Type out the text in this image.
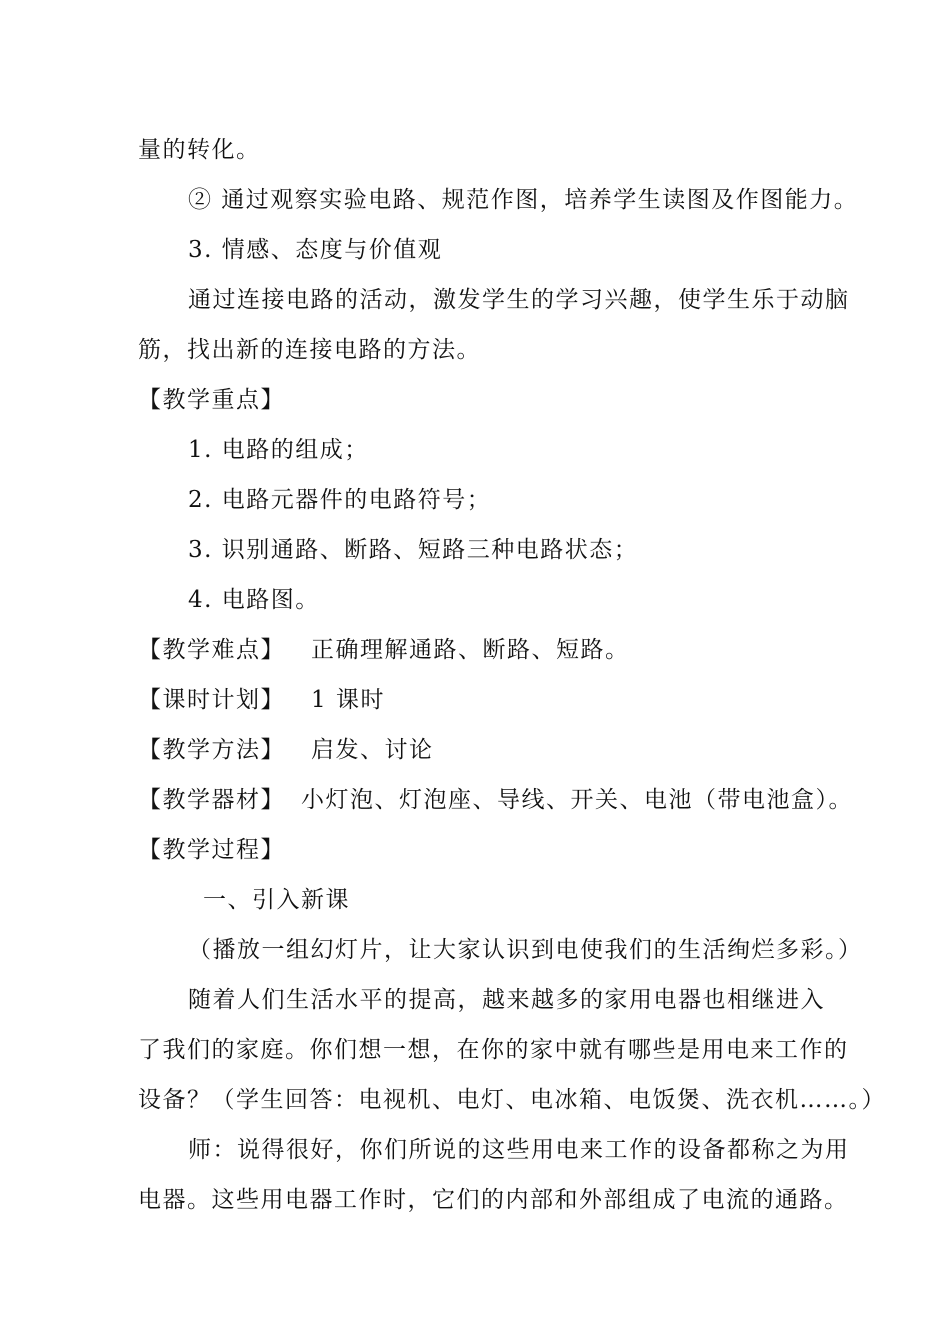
量的转化。
② 通过观察实验电路、规范作图，培养学生读图及作图能力。
3. 情感、态度与价值观
通过连接电路的活动，激发学生的学习兴趣，使学生乐于动脑
筋，找出新的连接电路的方法。
【教学重点】
1. 电路的组成；
2. 电路元器件的电路符号；
3. 识别通路、断路、短路三种电路状态；
4. 电路图。
【教学难点】 正确理解通路、断路、短路。
【课时计划】 1 课时
【教学方法】 启发、讨论
【教学器材】 小灯泡、灯泡座、导线、开关、电池（带电池盒）。
【教学过程】
一、引入新课
（播放一组幻灯片，让大家认识到电使我们的生活绚烂多彩。）
随着人们生活水平的提高，越来越多的家用电器也相继进入
了我们的家庭。你们想一想，在你的家中就有哪些是用电来工作的
设备？（学生回答：电视机、电灯、电冰箱、电饭煲、洗衣机……。）
师：说得很好，你们所说的这些用电来工作的设备都称之为用
电器。这些用电器工作时，它们的内部和外部组成了电流的通路。
